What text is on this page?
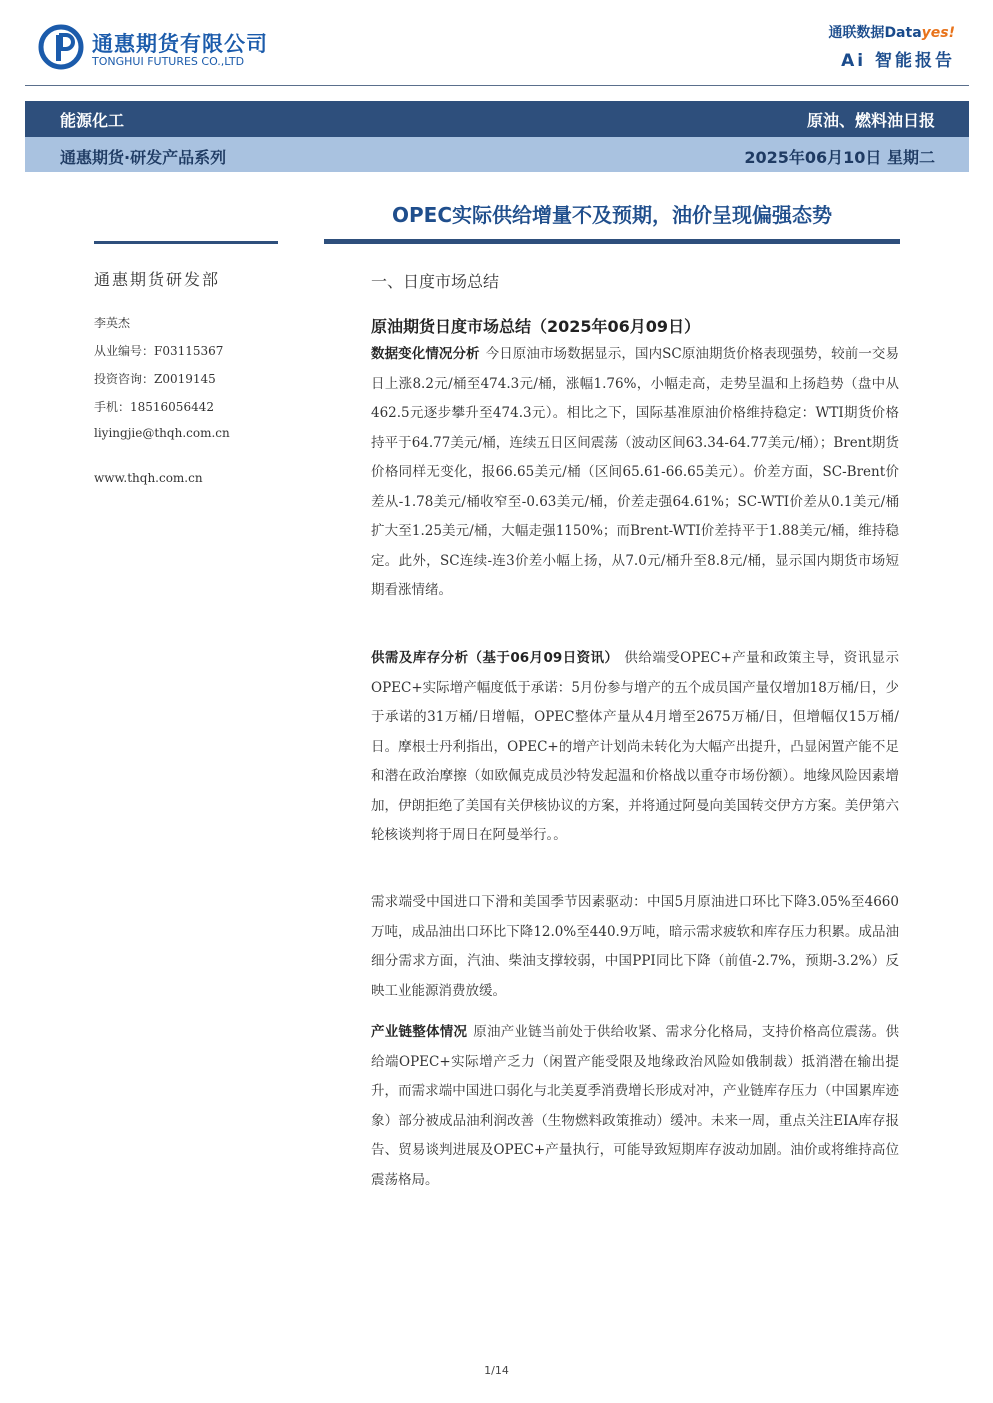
通惠期货有限公司
TONGHUI FUTURES CO.,LTD
通联数据Datayes!
Ai 智能报告
能源化工	原油、燃料油日报
通惠期货·研发产品系列	2025年06月10日 星期二
OPEC实际供给增量不及预期，油价呈现偏强态势
通惠期货研发部
李英杰
从业编号：F03115367
投资咨询：Z0019145
手机：18516056442
liyingjie@thqh.com.cn
www.thqh.com.cn
一、日度市场总结
原油期货日度市场总结（2025年06月09日）
数据变化情况分析 今日原油市场数据显示，国内SC原油期货价格表现强势，较前一交易日上涨8.2元/桶至474.3元/桶，涨幅1.76%，小幅走高，走势呈温和上扬趋势（盘中从462.5元逐步攀升至474.3元）。相比之下，国际基准原油价格维持稳定：WTI期货价格持平于64.77美元/桶，连续五日区间震荡（波动区间63.34-64.77美元/桶）；Brent期货价格同样无变化，报66.65美元/桶（区间65.61-66.65美元）。价差方面，SC-Brent价差从-1.78美元/桶收窄至-0.63美元/桶，价差走强64.61%；SC-WTI价差从0.1美元/桶扩大至1.25美元/桶，大幅走强1150%；而Brent-WTI价差持平于1.88美元/桶，维持稳定。此外，SC连续-连3价差小幅上扬，从7.0元/桶升至8.8元/桶，显示国内期货市场短期看涨情绪。
供需及库存分析（基于06月09日资讯） 供给端受OPEC+产量和政策主导，资讯显示OPEC+实际增产幅度低于承诺：5月份参与增产的五个成员国产量仅增加18万桶/日，少于承诺的31万桶/日增幅，OPEC整体产量从4月增至2675万桶/日，但增幅仅15万桶/日。摩根士丹利指出，OPEC+的增产计划尚未转化为大幅产出提升，凸显闲置产能不足和潜在政治摩擦（如欧佩克成员沙特发起温和价格战以重夺市场份额）。地缘风险因素增加，伊朗拒绝了美国有关伊核协议的方案，并将通过阿曼向美国转交伊方方案。美伊第六轮核谈判将于周日在阿曼举行。。
需求端受中国进口下滑和美国季节因素驱动：中国5月原油进口环比下降3.05%至4660万吨，成品油出口环比下降12.0%至440.9万吨，暗示需求疲软和库存压力积累。成品油细分需求方面，汽油、柴油支撑较弱，中国PPI同比下降（前值-2.7%，预期-3.2%）反映工业能源消费放缓。
产业链整体情况 原油产业链当前处于供给收紧、需求分化格局，支持价格高位震荡。供给端OPEC+实际增产乏力（闲置产能受限及地缘政治风险如俄制裁）抵消潜在输出提升，而需求端中国进口弱化与北美夏季消费增长形成对冲，产业链库存压力（中国累库迹象）部分被成品油利润改善（生物燃料政策推动）缓冲。未来一周，重点关注EIA库存报告、贸易谈判进展及OPEC+产量执行，可能导致短期库存波动加剧。油价或将维持高位震荡格局。
1/14
